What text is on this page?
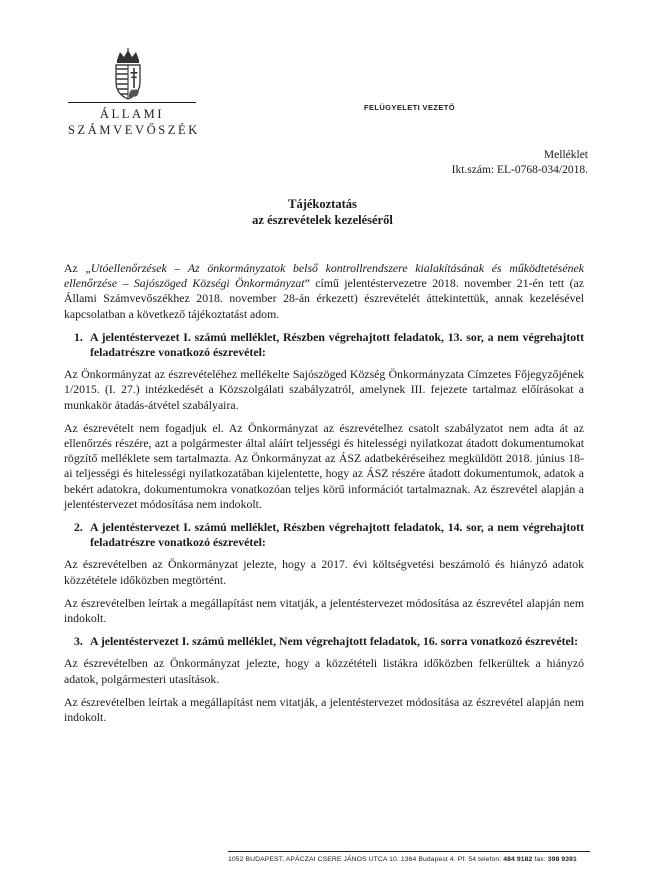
ÁLLAMI
SZÁMVEVŐSZÉK
FELÜGYELETI VEZETŐ
Melléklet
Ikt.szám: EL-0768-034/2018.
Tájékoztatás
az észrevételek kezeléséről

Az „Utóellenőrzések – Az önkormányzatok belső kontrollrendszere kialakításának és működtetésének ellenőrzése – Sajószöged Községi Önkormányzat” című jelentéstervezetre 2018. november 21-én tett (az Állami Számvevőszékhez 2018. november 28-án érkezett) észrevételét áttekintettük, annak kezelésével kapcsolatban a következő tájékoztatást adom.

1. A jelentéstervezet I. számú melléklet, Részben végrehajtott feladatok, 13. sor, a nem végrehajtott feladatrészre vonatkozó észrevétel:

Az Önkormányzat az észrevételéhez mellékelte Sajószöged Község Önkormányzata Címzetes Főjegyzőjének 1/2015. (I. 27.) intézkedését a Közszolgálati szabályzatról, amelynek III. fejezete tartalmaz előírásokat a munkakör átadás-átvétel szabályaira.

Az észrevételt nem fogadjuk el. Az Önkormányzat az észrevételhez csatolt szabályzatot nem adta át az ellenőrzés részére, azt a polgármester által aláírt teljességi és hitelességi nyilatkozat átadott dokumentumokat rögzítő melléklete sem tartalmazta. Az Önkormányzat az ÁSZ adatbekéréseihez megküldött 2018. június 18-ai teljességi és hitelességi nyilatkozatában kijelentette, hogy az ÁSZ részére átadott dokumentumok, adatok a bekért adatokra, dokumentumokra vonatkozóan teljes körű információt tartalmaznak. Az észrevétel alapján a jelentéstervezet módosítása nem indokolt.

2. A jelentéstervezet I. számú melléklet, Részben végrehajtott feladatok, 14. sor, a nem végrehajtott feladatrészre vonatkozó észrevétel:

Az észrevételben az Önkormányzat jelezte, hogy a 2017. évi költségvetési beszámoló és hiányzó adatok közzététele időközben megtörtént.

Az észrevételben leírtak a megállapítást nem vitatják, a jelentéstervezet módosítása az észrevétel alapján nem indokolt.

3. A jelentéstervezet I. számú melléklet, Nem végrehajtott feladatok, 16. sorra vonatkozó észrevétel:

Az észrevételben az Önkormányzat jelezte, hogy a közzétételi listákra időközben felkerültek a hiányzó adatok, polgármesteri utasítások.

Az észrevételben leírtak a megállapítást nem vitatják, a jelentéstervezet módosítása az észrevétel alapján nem indokolt.

1052 BUDAPEST, APÁCZAI CSERE JÁNOS UTCA 10. 1364 Budapest 4. Pf. 54 telefon: 484 9182 fax: 398 9391
